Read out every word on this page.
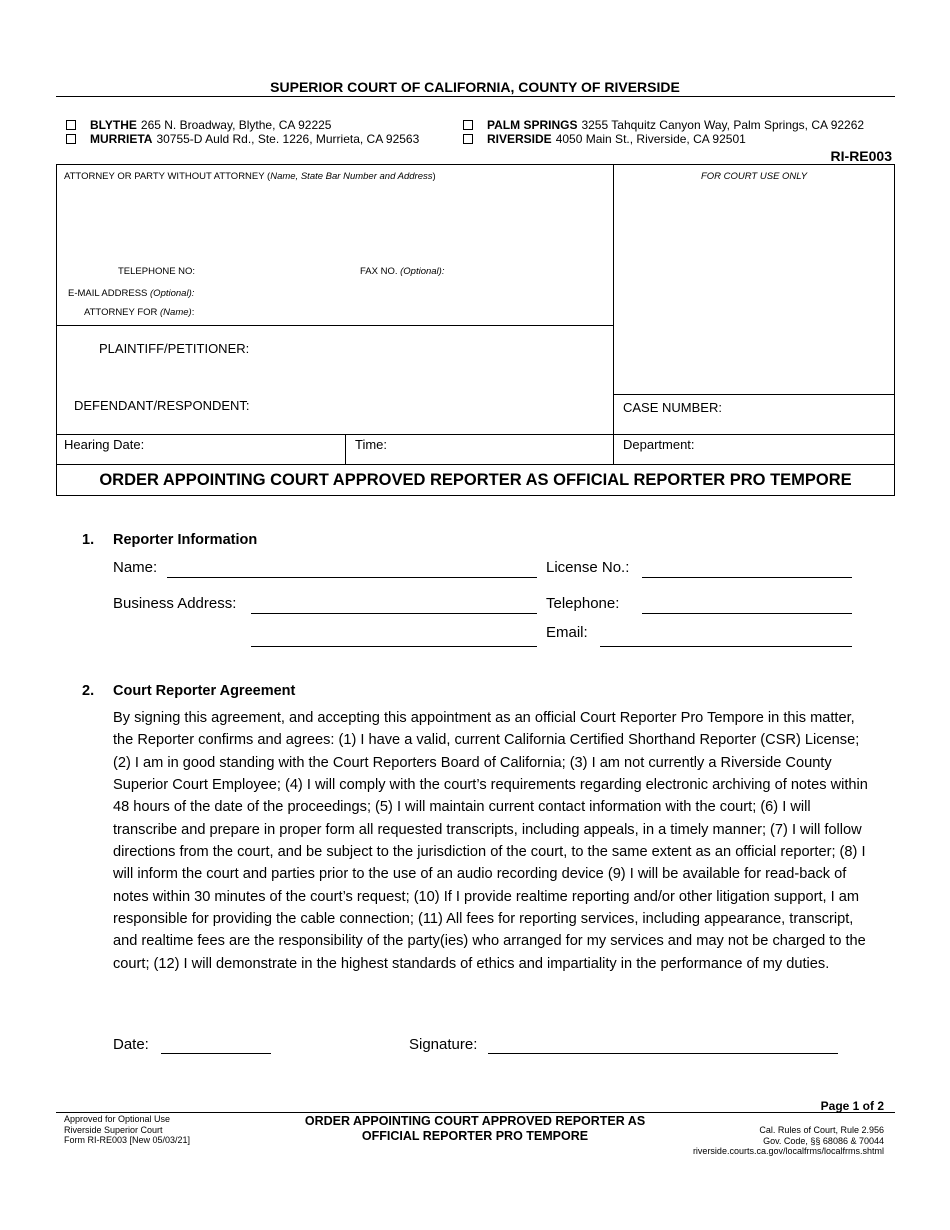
SUPERIOR COURT OF CALIFORNIA, COUNTY OF RIVERSIDE
BLYTHE 265 N. Broadway, Blythe, CA 92225
MURRIETA 30755-D Auld Rd., Ste. 1226, Murrieta, CA 92563
PALM SPRINGS 3255 Tahquitz Canyon Way, Palm Springs, CA 92262
RIVERSIDE 4050 Main St., Riverside, CA 92501
RI-RE003
ATTORNEY OR PARTY WITHOUT ATTORNEY (Name, State Bar Number and Address)	FOR COURT USE ONLY
TELEPHONE NO:	FAX NO. (Optional):
E-MAIL ADDRESS (Optional):
ATTORNEY FOR (Name):
PLAINTIFF/PETITIONER:
DEFENDANT/RESPONDENT:	CASE NUMBER:
Hearing Date:	Time:	Department:
ORDER APPOINTING COURT APPROVED REPORTER AS OFFICIAL REPORTER PRO TEMPORE
1. Reporter Information
Name:	License No.:
Business Address:	Telephone:
Email:
2. Court Reporter Agreement
By signing this agreement, and accepting this appointment as an official Court Reporter Pro Tempore in this matter, the Reporter confirms and agrees: (1) I have a valid, current California Certified Shorthand Reporter (CSR) License; (2) I am in good standing with the Court Reporters Board of California; (3) I am not currently a Riverside County Superior Court Employee; (4) I will comply with the court’s requirements regarding electronic archiving of notes within 48 hours of the date of the proceedings; (5) I will maintain current contact information with the court; (6) I will transcribe and prepare in proper form all requested transcripts, including appeals, in a timely manner; (7) I will follow directions from the court, and be subject to the jurisdiction of the court, to the same extent as an official reporter; (8) I will inform the court and parties prior to the use of an audio recording device (9) I will be available for read-back of notes within 30 minutes of the court’s request; (10) If I provide realtime reporting and/or other litigation support, I am responsible for providing the cable connection; (11) All fees for reporting services, including appearance, transcript, and realtime fees are the responsibility of the party(ies) who arranged for my services and may not be charged to the court; (12) I will demonstrate in the highest standards of ethics and impartiality in the performance of my duties.
Date:	Signature:
Page 1 of 2
Approved for Optional Use
Riverside Superior Court
Form RI-RE003 [New 05/03/21]
ORDER APPOINTING COURT APPROVED REPORTER AS
OFFICIAL REPORTER PRO TEMPORE	Cal. Rules of Court, Rule 2.956
Gov. Code, §§ 68086 & 70044
riverside.courts.ca.gov/localfrms/localfrms.shtml
